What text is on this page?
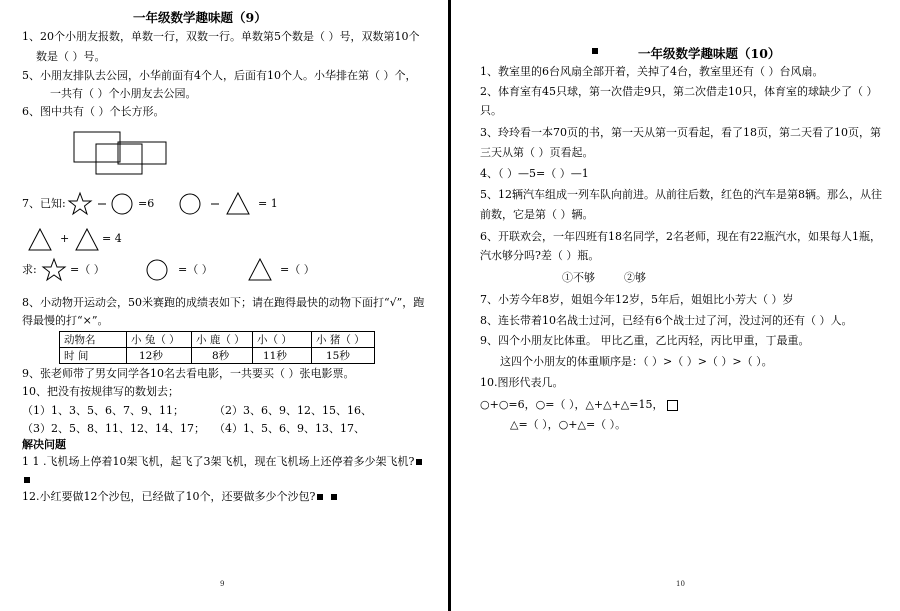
一年级数学趣味题（9）
1、20个小朋友报数，单数一行，双数一行。单数第5个数是（ ）号，双数第10个
数是（ ）号。
5、小朋友排队去公园，小华前面有4个人，后面有10个人。小华排在第（ ）个，
一共有（ ）个小朋友去公园。
6、图中共有（ ）个长方形。
7、已知:	=6	= 1
+	= 4
求:	=（ ）	=（ ）	=（ ）
8、小动物开运动会，50米赛跑的成绩表如下；请在跑得最快的动物下面打“√”，跑
得最慢的打“×”。
动物名	小 兔（ ）	小 鹿（ ）	小（ ）	小 猪（ ）
时 间	12秒	8秒	11秒	15秒
9、张老师带了男女同学各10名去看电影，一共要买（ ）张电影票。
10、把没有按规律写的数划去；
（1）1、3、5、6、7、9、11；	（2）3、6、9、12、15、16、
（3）2、5、8、11、12、14、17； （4）1、5、6、9、13、17、
解决问题
1 1 .飞机场上停着10架飞机，起飞了3架飞机，现在飞机场上还停着多少架飞机?
12.小红要做12个沙包，已经做了10个，还要做多少个沙包?
9
一年级数学趣味题（10）
1、教室里的6台风扇全部开着，关掉了4台，教室里还有（ ）台风扇。
2、体育室有45只球，第一次借走9只，第二次借走10只，体育室的球缺少了（ ）
只。
3、玲玲看一本70页的书，第一天从第一页看起，看了18页，第二天看了10页，第
三天从第（ ）页看起。
4、（ ）—5=（ ）—1
5、12辆汽车组成一列车队向前进。从前往后数，红色的汽车是第8辆。那么，从往
前数，它是第（ ）辆。
6、开联欢会，一年四班有18名同学，2名老师，现在有22瓶汽水，如果每人1瓶，
汽水够分吗?差（ ）瓶。
①不够	②够
7、小芳今年8岁，姐姐今年12岁，5年后，姐姐比小芳大（ ）岁
8、连长带着10名战士过河，已经有6个战士过了河，没过河的还有（ ）人。
9、四个小朋友比体重。 甲比乙重，乙比丙轻，丙比甲重，丁最重。
这四个小朋友的体重顺序是：（ ）>（ ）>（ ）>（ ）。
10.图形代表几。
○+○=6，○=（ ），△+△+△=15，
△=（ ），○+△=（ ）。
10
